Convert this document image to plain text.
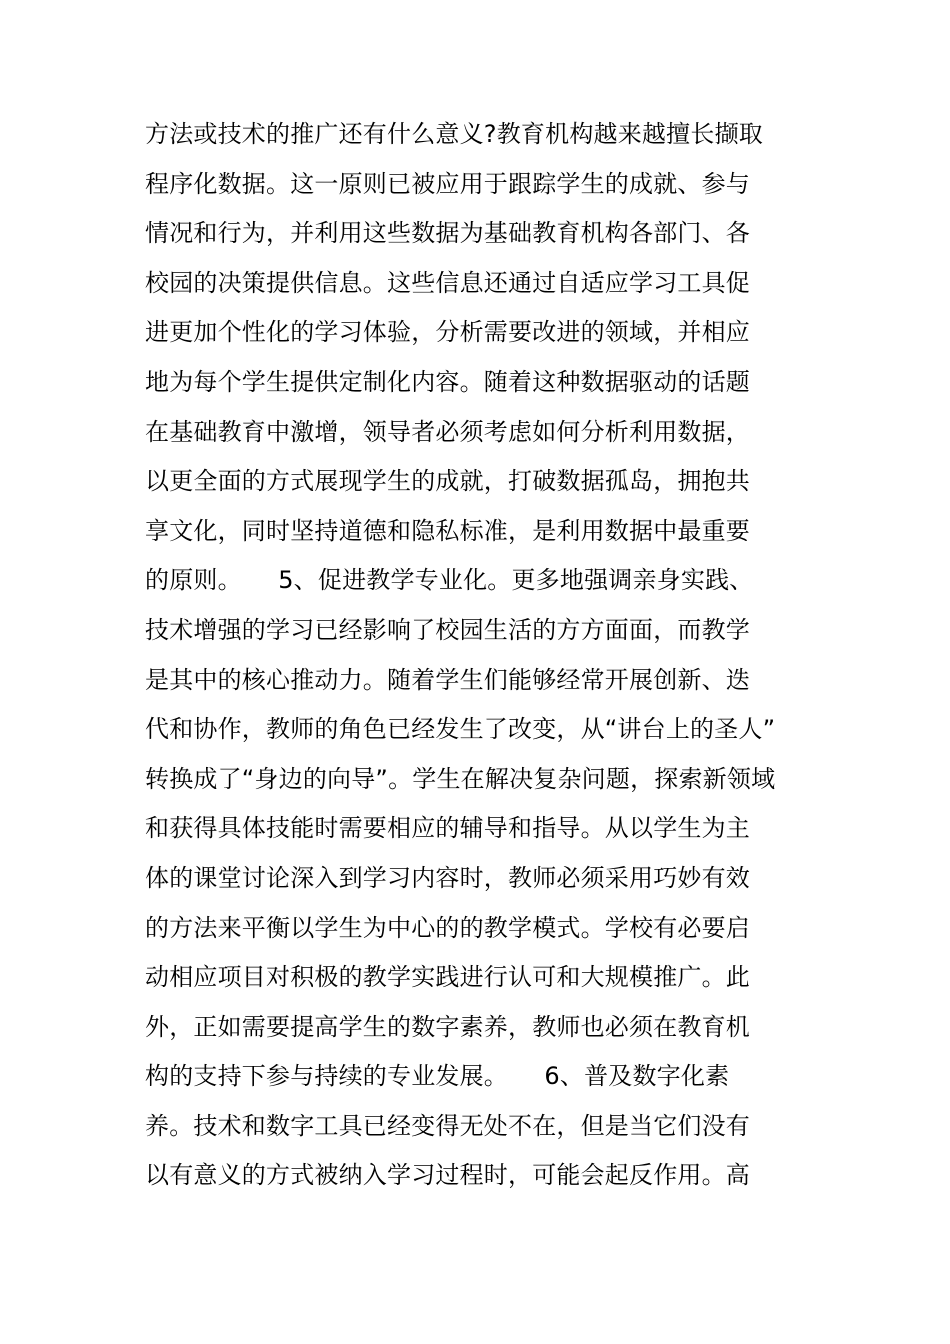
方法或技术的推广还有什么意义?教育机构越来越擅长撷取
程序化数据。这一原则已被应用于跟踪学生的成就、参与
情况和行为，并利用这些数据为基础教育机构各部门、各
校园的决策提供信息。这些信息还通过自适应学习工具促
进更加个性化的学习体验，分析需要改进的领域，并相应
地为每个学生提供定制化内容。随着这种数据驱动的话题
在基础教育中激增，领导者必须考虑如何分析利用数据，
以更全面的方式展现学生的成就，打破数据孤岛，拥抱共
享文化，同时坚持道德和隐私标准，是利用数据中最重要
的原则。　　5、促进教学专业化。更多地强调亲身实践、
技术增强的学习已经影响了校园生活的方方面面，而教学
是其中的核心推动力。随着学生们能够经常开展创新、迭
代和协作，教师的角色已经发生了改变，从“讲台上的圣人”
转换成了“身边的向导”。学生在解决复杂问题，探索新领域
和获得具体技能时需要相应的辅导和指导。从以学生为主
体的课堂讨论深入到学习内容时，教师必须采用巧妙有效
的方法来平衡以学生为中心的的教学模式。学校有必要启
动相应项目对积极的教学实践进行认可和大规模推广。此
外，正如需要提高学生的数字素养，教师也必须在教育机
构的支持下参与持续的专业发展。　　6、普及数字化素
养。技术和数字工具已经变得无处不在，但是当它们没有
以有意义的方式被纳入学习过程时，可能会起反作用。高
